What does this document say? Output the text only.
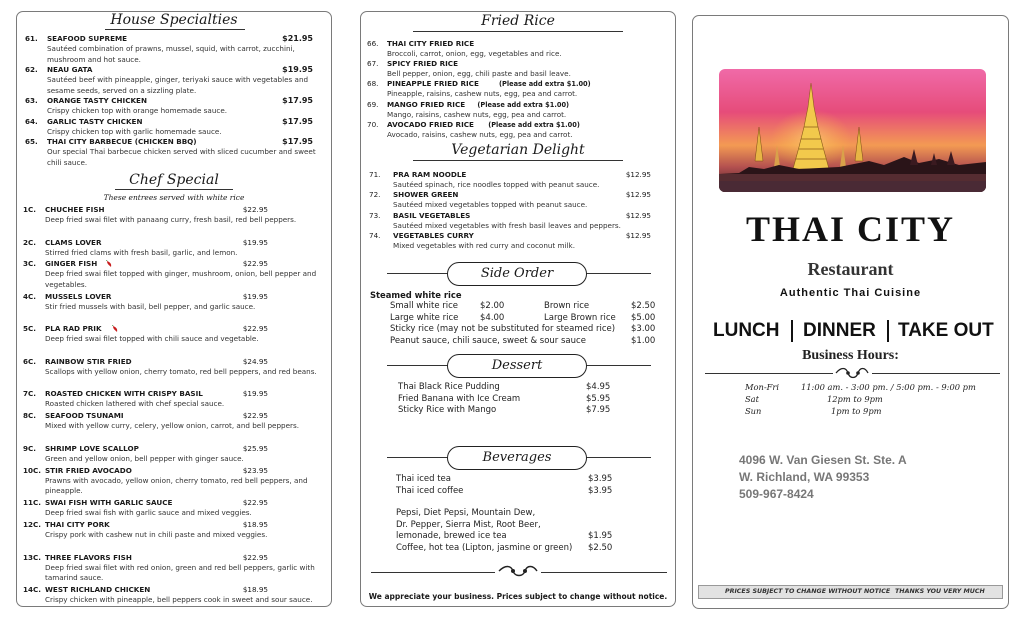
House Specialties
61. SEAFOOD SUPREME	$21.95
Sautéed combination of prawns, mussel, squid, with carrot, zucchini, mushroom and hot sauce.
62. NEAU GATA	$19.95
Sautéed beef with pineapple, ginger, teriyaki sauce with vegetables and sesame seeds, served on a sizzling plate.
63. ORANGE TASTY CHICKEN	$17.95
Crispy chicken top with orange homemade sauce.
64. GARLIC TASTY CHICKEN	$17.95
Crispy chicken top with garlic homemade sauce.
65. THAI CITY BARBECUE (CHICKEN BBQ)	$17.95
Our special Thai barbecue chicken served with sliced cucumber and sweet chili sauce.
Chef Special
These entrees served with white rice
1C. CHUCHEE FISH	$22.95
Deep fried swai filet with panaang curry, fresh basil, red bell peppers.
2C. CLAMS LOVER	$19.95
Stirred fried clams with fresh basil, garlic, and lemon.
3C. GINGER FISH	$22.95
Deep fried swai filet topped with ginger, mushroom, onion, bell pepper and vegetables.
4C. MUSSELS LOVER	$19.95
Stir fried mussels with basil, bell pepper, and garlic sauce.
5C. PLA RAD PRIK	$22.95
Deep fried swai filet topped with chili sauce and vegetable.
6C. RAINBOW STIR FRIED	$24.95
Scallops with yellow onion, cherry tomato, red bell peppers, and red beans.
7C. ROASTED CHICKEN WITH CRISPY BASIL	$19.95
Roasted chicken lathered with chef special sauce.
8C. SEAFOOD TSUNAMI	$22.95
Mixed with yellow curry, celery, yellow onion, carrot, and bell peppers.
9C. SHRIMP LOVE SCALLOP	$25.95
Green and yellow onion, bell pepper with ginger sauce.
10C. STIR FRIED AVOCADO	$23.95
Prawns with avocado, yellow onion, cherry tomato, red bell peppers, and pineapple.
11C. SWAI FISH WITH GARLIC SAUCE	$22.95
Deep fried swai fish with garlic sauce and mixed veggies.
12C. THAI CITY PORK	$18.95
Crispy pork with cashew nut in chili paste and mixed veggies.
13C. THREE FLAVORS FISH	$22.95
Deep fried swai filet with red onion, green and red bell peppers, garlic with tamarind sauce.
14C. WEST RICHLAND CHICKEN	$18.95
Crispy chicken with pineapple, bell peppers cook in sweet and sour sauce.
Fried Rice
66. THAI CITY FRIED RICE
Broccoli, carrot, onion, egg, vegetables and rice.
67. SPICY FRIED RICE
Bell pepper, onion, egg, chili paste and basil leave.
68. PINEAPPLE FRIED RICE	(Please add extra $1.00)
Pineapple, raisins, cashew nuts, egg, pea and carrot.
69. MANGO FRIED RICE (Please add extra $1.00)
Mango, raisins, cashew nuts, egg, pea and carrot.
70. AVOCADO FRIED RICE (Please add extra $1.00)
Avocado, raisins, cashew nuts, egg, pea and carrot.
Vegetarian Delight
71. PRA RAM NOODLE	$12.95
Sautéed spinach, rice noodles topped with peanut sauce.
72. SHOWER GREEN	$12.95
Sautéed mixed vegetables topped with peanut sauce.
73. BASIL VEGETABLES	$12.95
Sautéed mixed vegetables with fresh basil leaves and peppers.
74. VEGETABLES CURRY	$12.95
Mixed vegetables with red curry and coconut milk.
Side Order
Steamed white rice
Small white rice	$2.00	Brown rice	$2.50
Large white rice	$4.00	Large Brown rice $5.00
Sticky rice (may not be substituted for steamed rice) $3.00
Peanut sauce, chili sauce, sweet & sour sauce	$1.00
Dessert
Thai Black Rice Pudding	$4.95
Fried Banana with Ice Cream	$5.95
Sticky Rice with Mango	$7.95
Beverages
Thai iced tea	$3.95
Thai iced coffee	$3.95
Pepsi, Diet Pepsi, Mountain Dew,
Dr. Pepper, Sierra Mist, Root Beer,
lemonade, brewed ice tea	$1.95
Coffee, hot tea (Lipton, jasmine or green) $2.50
We appreciate your business. Prices subject to change without notice.
THAI CITY
Restaurant
Authentic Thai Cuisine
LUNCH DINNER TAKE OUT
Business Hours:
Mon-Fri	11:00 am. - 3:00 pm. / 5:00 pm. - 9:00 pm
Sat	12pm to 9pm
Sun	1pm to 9pm
4096 W. Van Giesen St. Ste. A
W. Richland, WA 99353
509-967-8424
PRICES SUBJECT TO CHANGE WITHOUT NOTICE THANKS YOU VERY MUCH
